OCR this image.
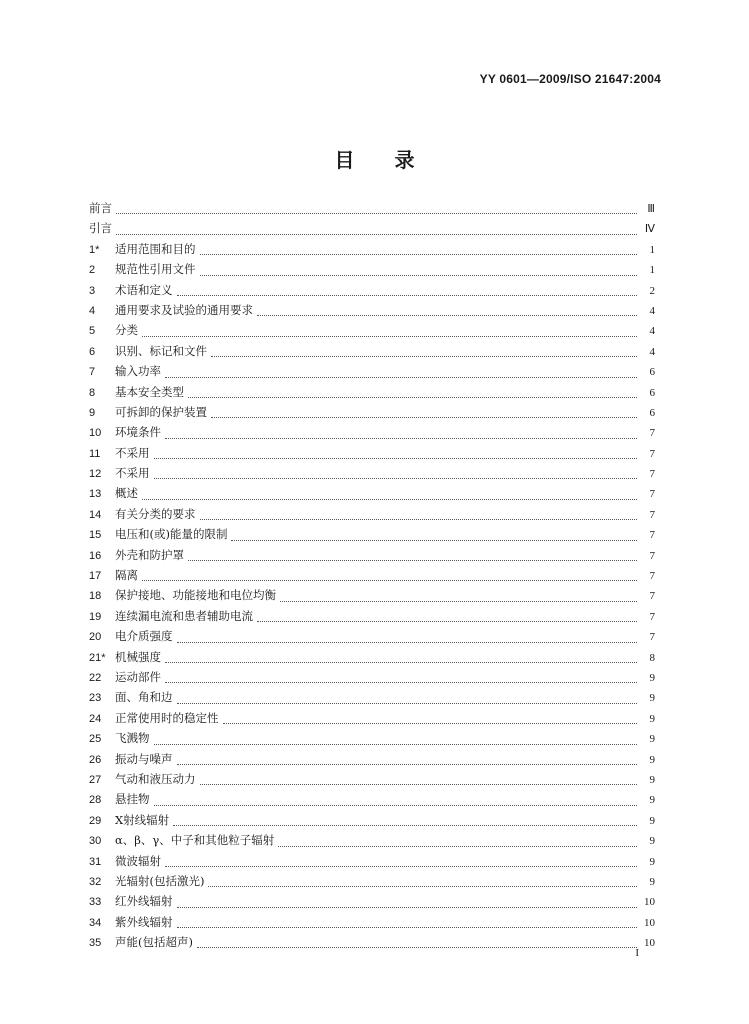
YY 0601—2009/ISO 21647:2004
目 录
前言	Ⅲ
引言	Ⅳ
1*	适用范围和目的	1
2	规范性引用文件	1
3	术语和定义	2
4	通用要求及试验的通用要求	4
5	分类	4
6	识别、标记和文件	4
7	输入功率	6
8	基本安全类型	6
9	可拆卸的保护装置	6
10	环境条件	7
11	不采用	7
12	不采用	7
13	概述	7
14	有关分类的要求	7
15	电压和(或)能量的限制	7
16	外壳和防护罩	7
17	隔离	7
18	保护接地、功能接地和电位均衡	7
19	连续漏电流和患者辅助电流	7
20	电介质强度	7
21* 机械强度	8
22	运动部件	9
23	面、角和边	9
24	正常使用时的稳定性	9
25	飞溅物	9
26	振动与噪声	9
27	气动和液压动力	9
28	悬挂物	9
29	X射线辐射	9
30	α、β、γ、中子和其他粒子辐射	9
31	微波辐射	9
32	光辐射(包括激光)	9
33	红外线辐射	10
34	紫外线辐射	10
35	声能(包括超声)	10
I
